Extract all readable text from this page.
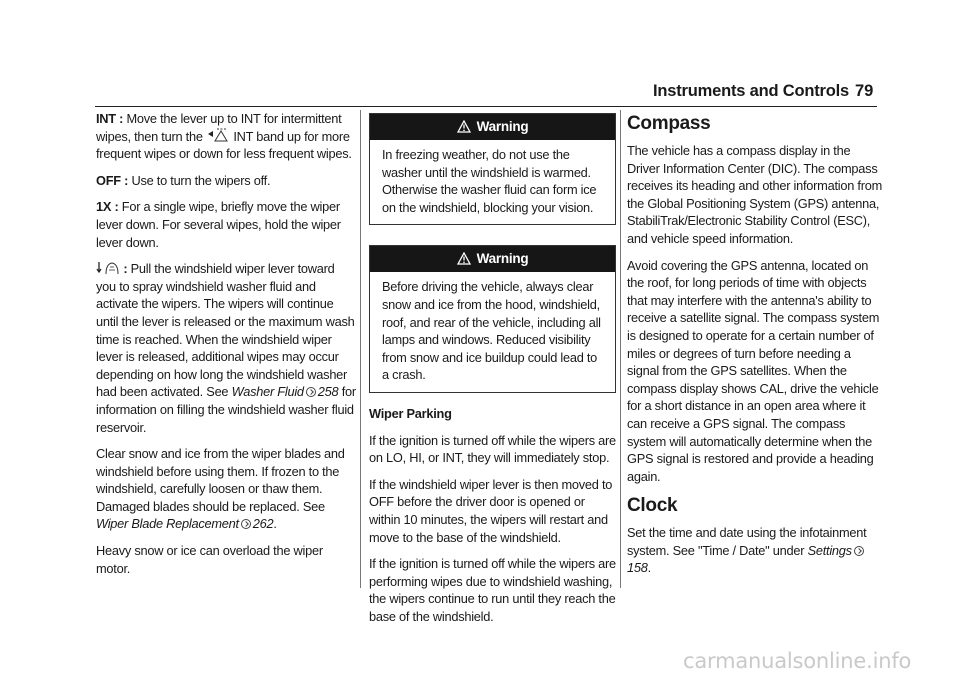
Instruments and Controls 79

INT : Move the lever up to INT for intermittent wipes, then turn the INT band up for more frequent wipes or down for less frequent wipes.

OFF : Use to turn the wipers off.

1X : For a single wipe, briefly move the wiper lever down. For several wipes, hold the wiper lever down.

: Pull the windshield wiper lever toward you to spray windshield washer fluid and activate the wipers. The wipers will continue until the lever is released or the maximum wash time is reached. When the windshield wiper lever is released, additional wipes may occur depending on how long the windshield washer had been activated. See Washer Fluid 258 for information on filling the windshield washer fluid reservoir.

Clear snow and ice from the wiper blades and windshield before using them. If frozen to the windshield, carefully loosen or thaw them. Damaged blades should be replaced. See Wiper Blade Replacement 262.

Heavy snow or ice can overload the wiper motor.

Warning
In freezing weather, do not use the washer until the windshield is warmed. Otherwise the washer fluid can form ice on the windshield, blocking your vision.
Warning
Before driving the vehicle, always clear snow and ice from the hood, windshield, roof, and rear of the vehicle, including all lamps and windows. Reduced visibility from snow and ice buildup could lead to a crash.

Wiper Parking

If the ignition is turned off while the wipers are on LO, HI, or INT, they will immediately stop.

If the windshield wiper lever is then moved to OFF before the driver door is opened or within 10 minutes, the wipers will restart and move to the base of the windshield.

If the ignition is turned off while the wipers are performing wipes due to windshield washing, the wipers continue to run until they reach the base of the windshield.

Compass

The vehicle has a compass display in the Driver Information Center (DIC). The compass receives its heading and other information from the Global Positioning System (GPS) antenna, StabiliTrak/Electronic Stability Control (ESC), and vehicle speed information.

Avoid covering the GPS antenna, located on the roof, for long periods of time with objects that may interfere with the antenna's ability to receive a satellite signal. The compass system is designed to operate for a certain number of miles or degrees of turn before needing a signal from the GPS satellites. When the compass display shows CAL, drive the vehicle for a short distance in an open area where it can receive a GPS signal. The compass system will automatically determine when the GPS signal is restored and provide a heading again.

Clock

Set the time and date using the infotainment system. See "Time / Date" under Settings158.

carmanualsonline.info
